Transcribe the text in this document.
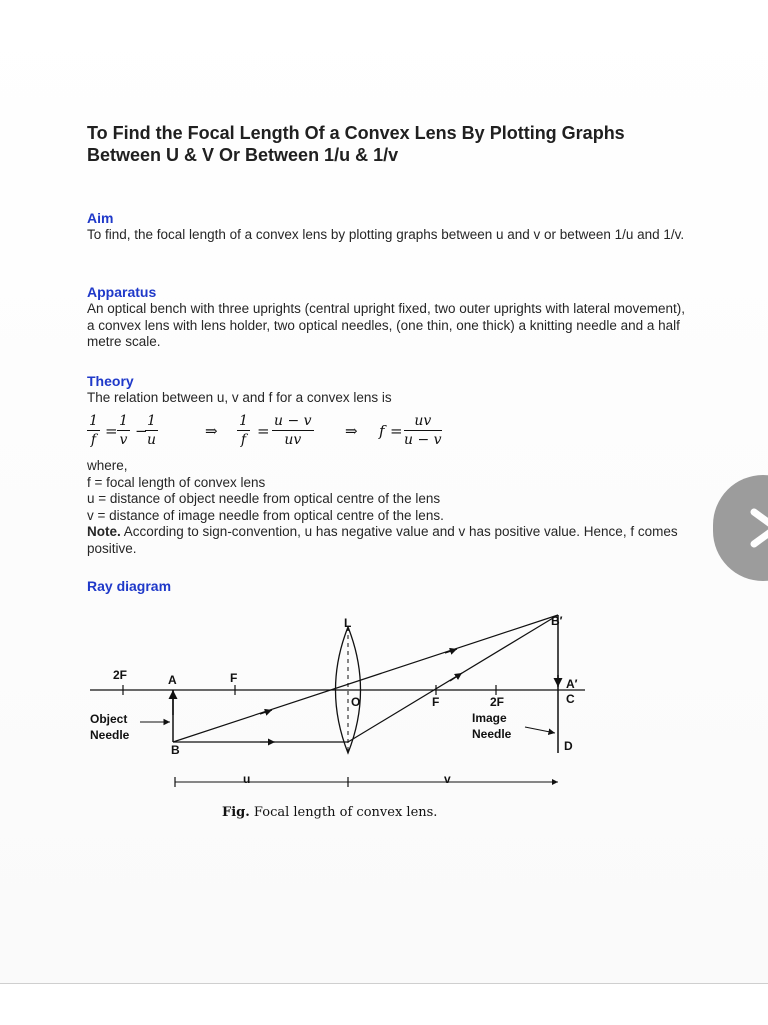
To Find the Focal Length Of a Convex Lens By Plotting Graphs Between U & V Or Between 1/u & 1/v

Aim

To find, the focal length of a convex lens by plotting graphs between u and v or between 1/u and 1/v.

Apparatus

An optical bench with three uprights (central upright fixed, two outer uprights with lateral movement), a convex lens with lens holder, two optical needles, (one thin, one thick) a knitting needle and a half metre scale.

Theory

The relation between u, v and f for a convex lens is

$\frac{1}{f} = \frac{1}{v}$ −
$\frac{1}{u}$	⇒ $\frac{1}{f} = \frac{u - v}{uv}$ ⇒ $f = \frac{uv}{u - v}$

where,

f = focal length of convex lens

u = distance of object needle from optical centre of the lens

v = distance of image needle from optical centre of the lens.

Note. According to sign-convention, u has negative value and v has positive value. Hence, f comes positive.

Ray diagram

L	B′
2F	A	F
O	F	2F
A′
C
Object
Needle
B
Image
Needle
D
u	v
Fig. Focal length of convex lens.
